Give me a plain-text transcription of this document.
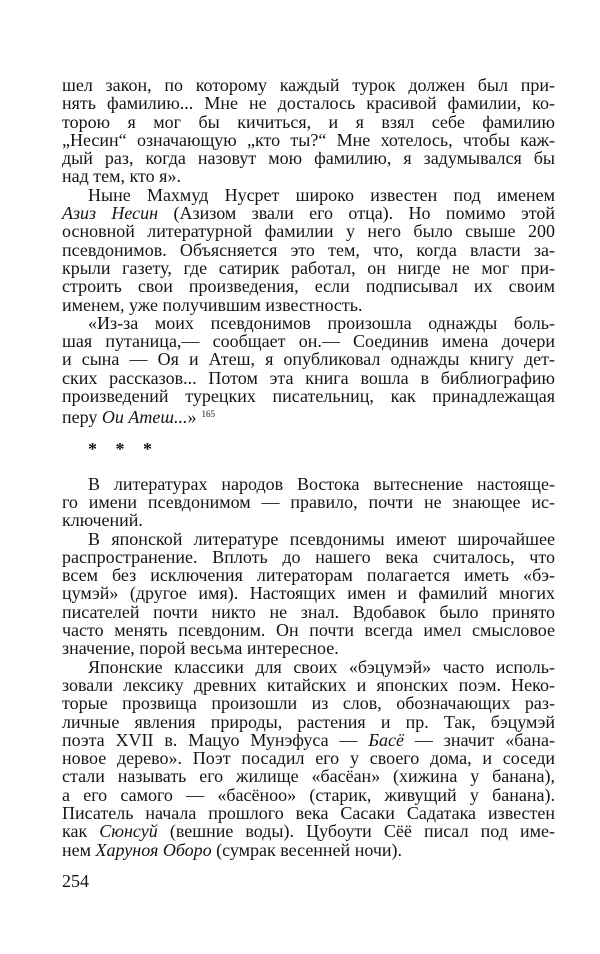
шел закон, по которому каждый турок должен был при-
нять фамилию... Мне не досталось красивой фамилии, ко-
торою я мог бы кичиться, и я взял себе фамилию
„Несин“ означающую „кто ты?“ Мне хотелось, чтобы каж-
дый раз, когда назовут мою фамилию, я задумывался бы
над тем, кто я».
Ныне Махмуд Нусрет широко известен под именем
Азиз Несин (Азизом звали его отца). Но помимо этой
основной литературной фамилии у него было свыше 200
псевдонимов. Объясняется это тем, что, когда власти за-
крыли газету, где сатирик работал, он нигде не мог при-
строить свои произведения, если подписывал их своим
именем, уже получившим известность.
«Из-за моих псевдонимов произошла однажды боль-
шая путаница,— сообщает он.— Соединив имена дочери
и сына — Оя и Атеш, я опубликовал однажды книгу дет-
ских рассказов... Потом эта книга вошла в библиографию
произведений турецких писательниц, как принадлежащая
перу Ои Атеш...» $^{165}$
* * *
В литературах народов Востока вытеснение настояще-
го имени псевдонимом — правило, почти не знающее ис-
ключений.
В японской литературе псевдонимы имеют широчайшее
распространение. Вплоть до нашего века считалось, что
всем без исключения литераторам полагается иметь «бэ-
цумэй» (другое имя). Настоящих имен и фамилий многих
писателей почти никто не знал. Вдобавок было принято
часто менять псевдоним. Он почти всегда имел смысловое
значение, порой весьма интересное.
Японские классики для своих «бэцумэй» часто исполь-
зовали лексику древних китайских и японских поэм. Неко-
торые прозвища произошли из слов, обозначающих раз-
личные явления природы, растения и пр. Так, бэцумэй
поэта XVII в. Мацуо Мунэфуса — Басё — значит «бана-
новое дерево». Поэт посадил его у своего дома, и соседи
стали называть его жилище «басёан» (хижина у банана),
а его самого — «басёноо» (старик, живущий у банана).
Писатель начала прошлого века Сасаки Садатака известен
как Сюнсуй (вешние воды). Цубоути Сёё писал под име-
нем Харуноя Оборо (сумрак весенней ночи).
254
